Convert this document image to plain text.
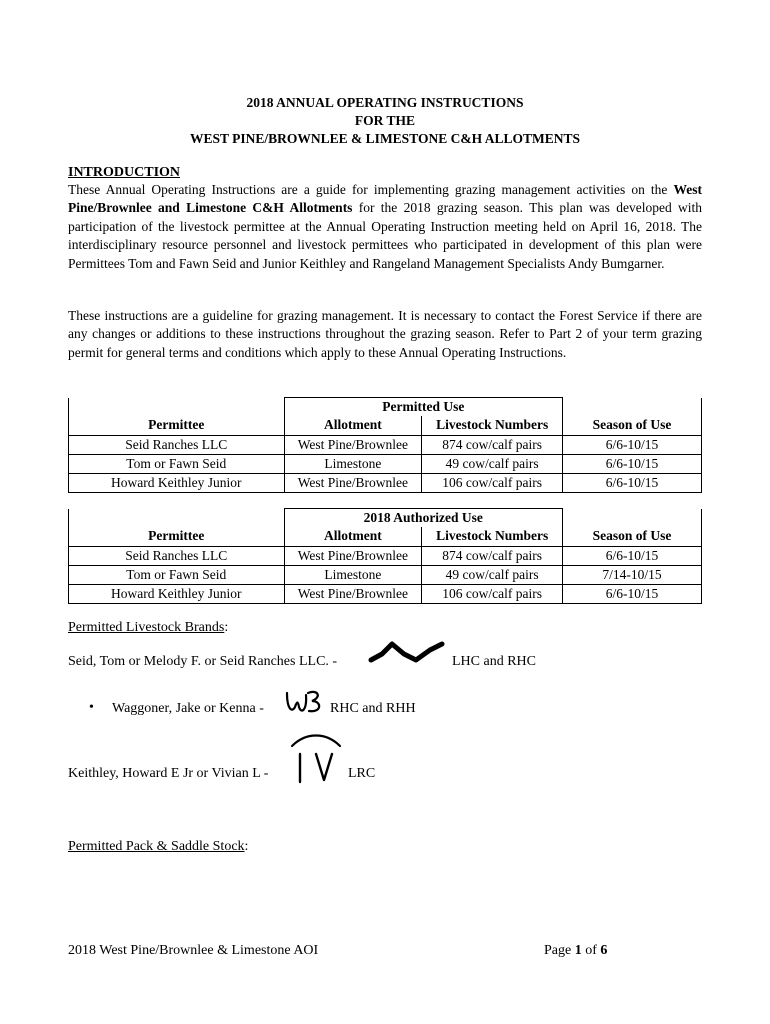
2018 ANNUAL OPERATING INSTRUCTIONS
FOR THE
WEST PINE/BROWNLEE & LIMESTONE C&H ALLOTMENTS
INTRODUCTION
These Annual Operating Instructions are a guide for implementing grazing management activities on the West Pine/Brownlee and Limestone C&H Allotments for the 2018 grazing season. This plan was developed with participation of the livestock permittee at the Annual Operating Instruction meeting held on April 16, 2018. The interdisciplinary resource personnel and livestock permittees who participated in development of this plan were Permittees Tom and Fawn Seid and Junior Keithley and Rangeland Management Specialists Andy Bumgarner.
These instructions are a guideline for grazing management. It is necessary to contact the Forest Service if there are any changes or additions to these instructions throughout the grazing season. Refer to Part 2 of your term grazing permit for general terms and conditions which apply to these Annual Operating Instructions.
	Permitted Use		
Permittee	Allotment	Livestock Numbers	Season of Use
Seid Ranches LLC	West Pine/Brownlee	874 cow/calf pairs	6/6-10/15
Tom or Fawn Seid	Limestone	49 cow/calf pairs	6/6-10/15
Howard Keithley Junior	West Pine/Brownlee	106 cow/calf pairs	6/6-10/15
	2018 Authorized Use		
Permittee	Allotment	Livestock Numbers	Season of Use
Seid Ranches LLC	West Pine/Brownlee	874 cow/calf pairs	6/6-10/15
Tom or Fawn Seid	Limestone	49 cow/calf pairs	7/14-10/15
Howard Keithley Junior	West Pine/Brownlee	106 cow/calf pairs	6/6-10/15
Permitted Livestock Brands:
Seid, Tom or Melody F. or Seid Ranches LLC. -	LHC and RHC
• Waggoner, Jake or Kenna -	RHC and RHH
Keithley, Howard E Jr or Vivian L -	LRC
Permitted Pack & Saddle Stock:
2018 West Pine/Brownlee & Limestone AOI	Page 1 of 6
